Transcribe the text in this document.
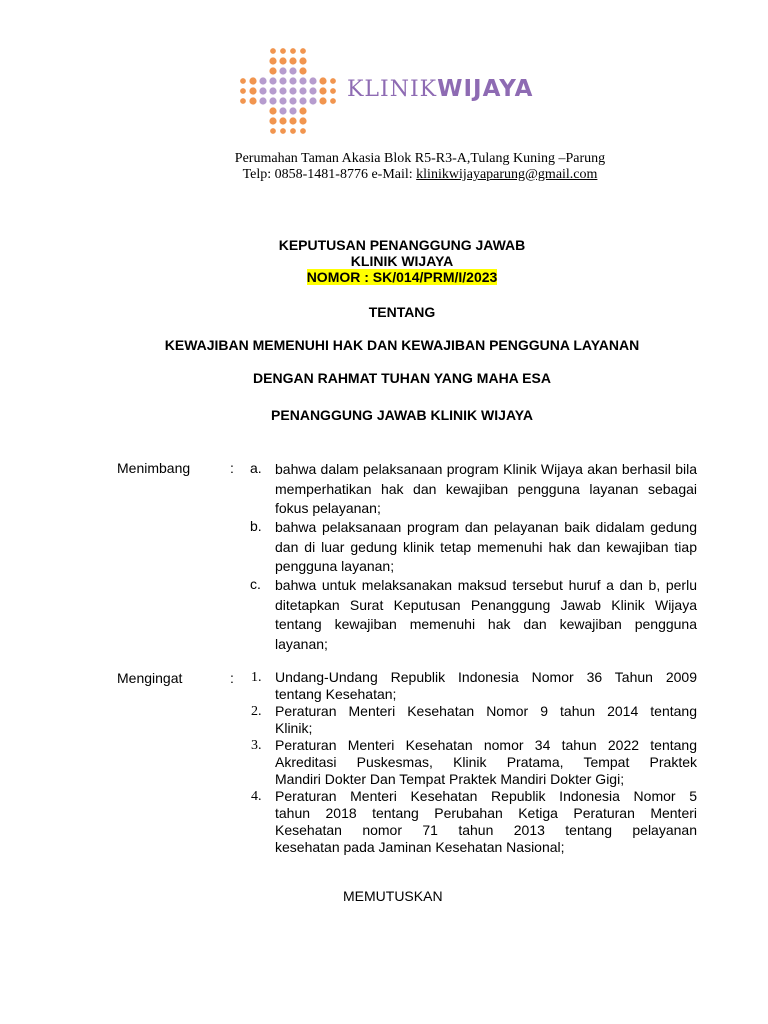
KLINIKWIJAYA
Perumahan Taman Akasia Blok R5-R3-A,Tulang Kuning –Parung
Telp: 0858-1481-8776 e-Mail: klinikwijayaparung@gmail.com
KEPUTUSAN PENANGGUNG JAWAB
KLINIK WIJAYA
NOMOR : SK/014/PRM/I/2023
TENTANG
KEWAJIBAN MEMENUHI HAK DAN KEWAJIBAN PENGGUNA LAYANAN
DENGAN RAHMAT TUHAN YANG MAHA ESA
PENANGGUNG JAWAB KLINIK WIJAYA
Menimbang	: a. bahwa dalam pelaksanaan program Klinik Wijaya akan berhasil bila memperhatikan hak dan kewajiban pengguna layanan sebagai fokus pelayanan;
b. bahwa pelaksanaan program dan pelayanan baik didalam gedung dan di luar gedung klinik tetap memenuhi hak dan kewajiban tiap pengguna layanan;
c. bahwa untuk melaksanakan maksud tersebut huruf a dan b, perlu ditetapkan Surat Keputusan Penanggung Jawab Klinik Wijaya tentang kewajiban memenuhi hak dan kewajiban pengguna layanan;
Mengingat	: 1. Undang-Undang Republik Indonesia Nomor 36 Tahun 2009
tentang Kesehatan;
2. Peraturan Menteri Kesehatan Nomor 9 tahun 2014 tentang
Klinik;
3. Peraturan Menteri Kesehatan nomor 34 tahun 2022 tentang
Akreditasi Puskesmas, Klinik Pratama, Tempat Praktek
Mandiri Dokter Dan Tempat Praktek Mandiri Dokter Gigi;
4. Peraturan Menteri Kesehatan Republik Indonesia Nomor 5
tahun 2018 tentang Perubahan Ketiga Peraturan Menteri
Kesehatan nomor 71 tahun 2013 tentang pelayanan
kesehatan pada Jaminan Kesehatan Nasional;
MEMUTUSKAN
